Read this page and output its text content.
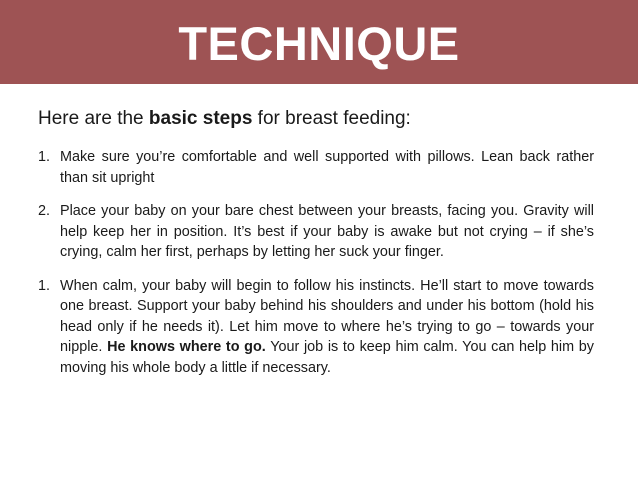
TECHNIQUE

Here are the basic steps for breast feeding:

1. Make sure you’re comfortable and well supported with pillows. Lean back rather than sit upright
2. Place your baby on your bare chest between your breasts, facing you. Gravity will help keep her in position. It’s best if your baby is awake but not crying – if she’s crying, calm her first, perhaps by letting her suck your finger.
1. When calm, your baby will begin to follow his instincts. He’ll start to move towards one breast. Support your baby behind his shoulders and under his bottom (hold his head only if he needs it). Let him move to where he’s trying to go – towards your nipple. He knows where to go. Your job is to keep him calm. You can help him by moving his whole body a little if necessary.
